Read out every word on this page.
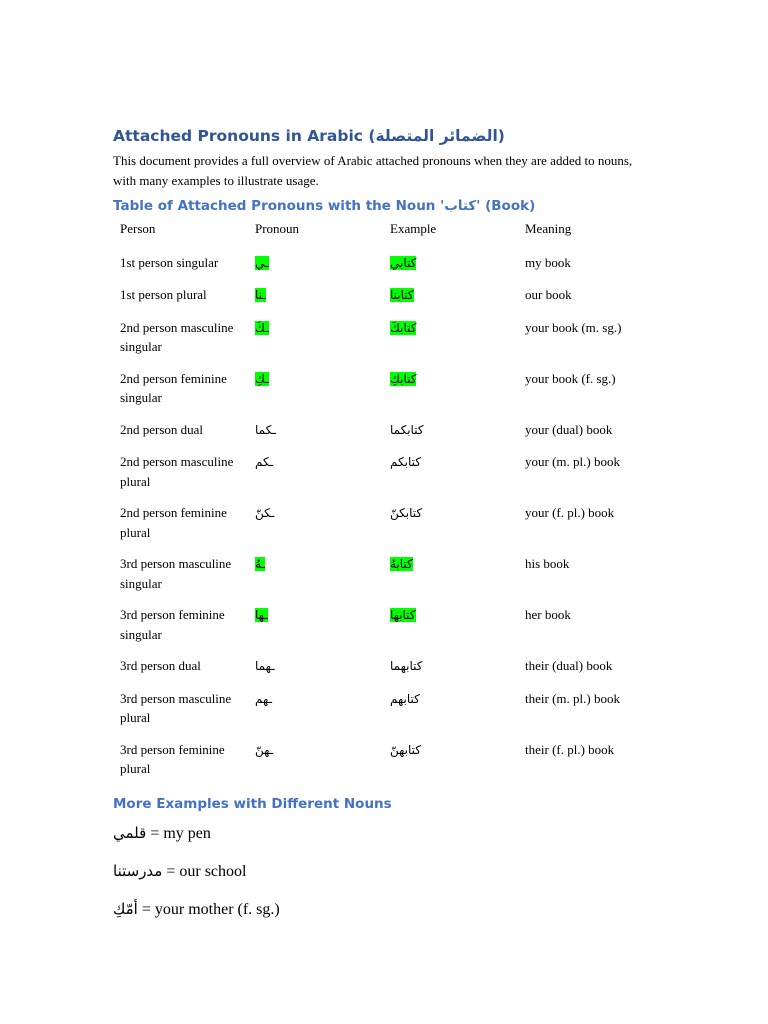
Attached Pronouns in Arabic (الضمائر المتصلة)

This document provides a full overview of Arabic attached pronouns when they are added to nouns, with many examples to illustrate usage.

Table of Attached Pronouns with the Noun 'كتاب' (Book)
Person	Pronoun	Example	Meaning
1st person singular	ـي	كتابي	my book
1st person plural	ـنا	كتابنا	our book
2nd person masculine singular	ـكَ	كتابكَ	your book (m. sg.)
2nd person feminine singular	ـكِ	كتابكِ	your book (f. sg.)
2nd person dual	ـكما	كتابكما	your (dual) book
2nd person masculine plural	ـكم	كتابكم	your (m. pl.) book
2nd person feminine plural	ـكنّ	كتابكنّ	your (f. pl.) book
3rd person masculine singular	ـهُ	كتابهُ	his book
3rd person feminine singular	ـها	كتابها	her book
3rd person dual	ـهما	كتابهما	their (dual) book
3rd person masculine plural	ـهم	كتابهم	their (m. pl.) book
3rd person feminine plural	ـهنّ	كتابهنّ	their (f. pl.) book
More Examples with Different Nouns

قلمي = my pen

مدرستنا = our school

أمّكِ = your mother (f. sg.)
